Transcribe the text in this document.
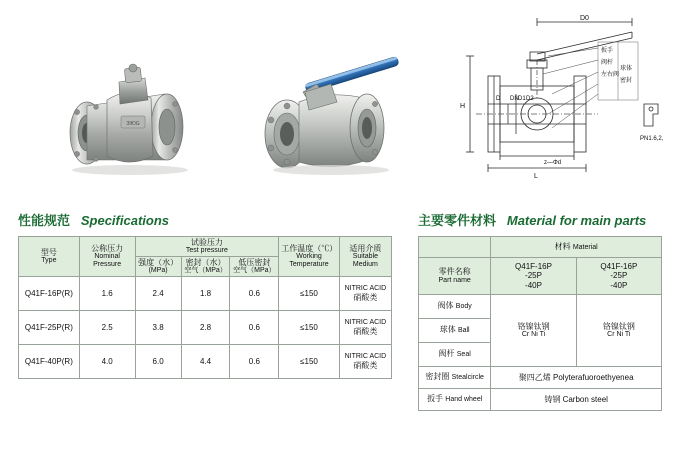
ЗIЮG
D0
H
DN
D	D1 D2
L
z—Φd
PN1.6,2,
扳手
阀杆
左右阀
球体
密封
性能规范 Specifications	主要零件材料 Material for main parts
型号
Type	公称压力
Nominal
Pressure	试验压力
Test pressure			工作温度（℃）
Working
Temperature	适用介质
Suitable
Medium

		强度（水）
(MPa)	密封（水）
空气（MPa）	低压密封
空气（MPa）		

Q41F-16P(R)	1.6	2.4	1.8	0.6	≤150	NITRIC ACID
硝酸类

Q41F-25P(R)	2.5	3.8	2.8	0.6	≤150	NITRIC ACID
硝酸类

Q41F-40P(R)	4.0	6.0	4.4	0.6	≤150	NITRIC ACID
硝酸类
	材料 Material	

零件名称
Part name	Q41F-16P
-25P
-40P	Q41F-16P
-25P
-40P

阀体 Body	铬镍钛钢
Cr Ni Ti	铬镍钛钢
Cr Ni Ti

球体 Ball		
阀杆 Seal		
密封圈 Stealcircle	聚四乙烯 Polyterafuoroethyenea	
扳手 Hand wheel	铸钢 Carbon steel	
